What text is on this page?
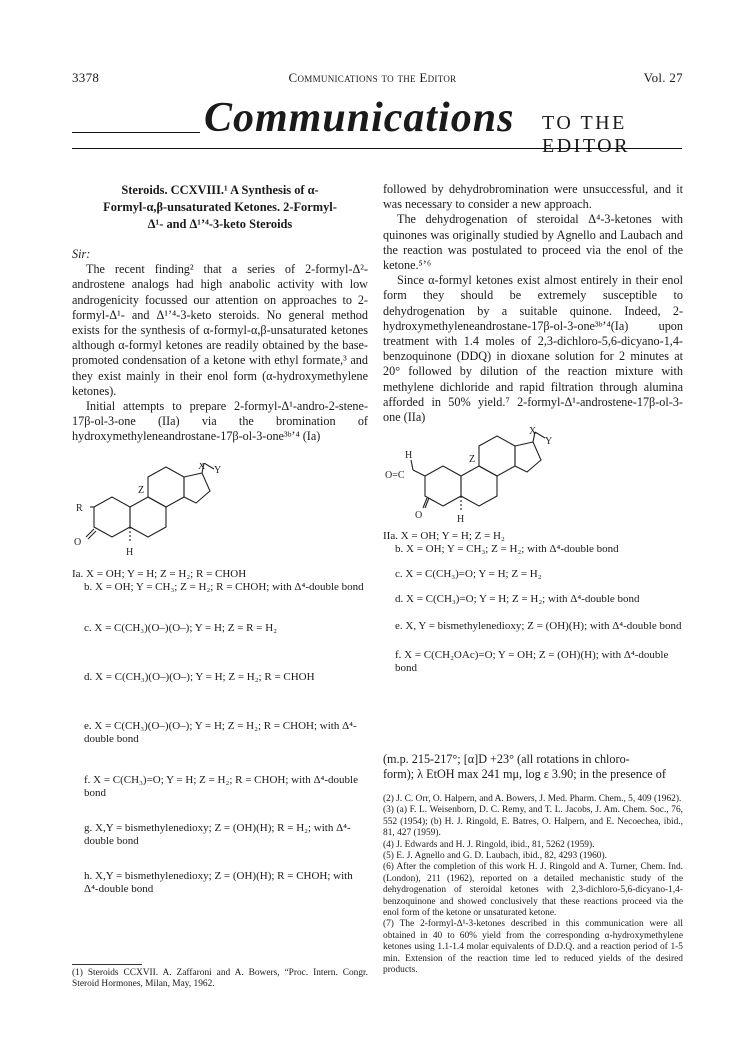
3378	Communications to the Editor	Vol. 27
Communications TO THE EDITOR
Steroids. CCXVIII.¹ A Synthesis of α-
Formyl-α,β-unsaturated Ketones. 2-Formyl-
Δ¹- and Δ¹ʼ⁴-3-keto Steroids

Sir:

The recent finding² that a series of 2-formyl-Δ²-androstene analogs had high anabolic activity with low androgenicity focussed our attention on approaches to 2-formyl-Δ¹- and Δ¹ʼ⁴-3-keto steroids. No general method exists for the synthesis of α-formyl-α,β-unsaturated ketones although α-formyl ketones are readily obtained by the base-promoted condensation of a ketone with ethyl formate,³ and they exist mainly in their enol form (α-hydroxymethylene ketones).

Initial attempts to prepare 2-formyl-Δ¹-andro-2-stene-17β-ol-3-one (IIa) via the bromination of hydroxymethyleneandrostane-17β-ol-3-one³ᵇʼ⁴ (Ia)

X Y
Z
R
O
H

Ia. X = OH; Y = H; Z = H₂; R = CHOH

b. X = OH; Y = CH₃; Z = H₂; R = CHOH; with Δ⁴-double bond

c. X = C(CH₃)(O–)(O–); Y = H; Z = R = H₂

d. X = C(CH₃)(O–)(O–); Y = H; Z = H₂; R = CHOH

e. X = C(CH₃)(O–)(O–); Y = H; Z = H₂; R = CHOH; with Δ⁴-double bond

f. X = C(CH₃)=O; Y = H; Z = H₂; R = CHOH; with Δ⁴-double bond

g. X,Y = bismethylenedioxy; Z = (OH)(H); R = H₂; with Δ⁴-double bond

h. X,Y = bismethylenedioxy; Z = (OH)(H); R = CHOH; with Δ⁴-double bond

(1) Steroids CCXVII. A. Zaffaroni and A. Bowers, “Proc. Intern. Congr. Steroid Hormones, Milan, May, 1962.

followed by dehydrobromination were unsuccessful, and it was necessary to consider a new approach.

The dehydrogenation of steroidal Δ⁴-3-ketones with quinones was originally studied by Agnello and Laubach and the reaction was postulated to proceed via the enol of the ketone.⁵ʼ⁶

Since α-formyl ketones exist almost entirely in their enol form they should be extremely susceptible to dehydrogenation by a suitable quinone. Indeed, 2-hydroxymethyleneandrostane-17β-ol-3-one³ᵇʼ⁴(Ia) upon treatment with 1.4 moles of 2,3-dichloro-5,6-dicyano-1,4-benzoquinone (DDQ) in dioxane solution for 2 minutes at 20° followed by dilution of the reaction mixture with methylene dichloride and rapid filtration through alumina afforded in 50% yield.⁷ 2-formyl-Δ¹-androstene-17β-ol-3-one (IIa)

X
Y
Z
H
O=C
O	H

IIa. X = OH; Y = H; Z = H₂

b. X = OH; Y = CH₃; Z = H₂; with Δ⁴-double bond

c. X = C(CH₃)=O; Y = H; Z = H₂

d. X = C(CH₃)=O; Y = H; Z = H₂; with Δ⁴-double bond

e. X, Y = bismethylenedioxy; Z = (OH)(H); with Δ⁴-double bond

f. X = C(CH₂OAc)=O; Y = OH; Z = (OH)(H); with Δ⁴-double bond

(m.p. 215-217°; [α]D +23° (all rotations in chloro-

form); λ EtOH max 241 mμ, log ε 3.90; in the presence of

(2) J. C. Orr, O. Halpern, and A. Bowers, J. Med. Pharm. Chem., 5, 409 (1962).

(3) (a) F. L. Weisenborn, D. C. Remy, and T. L. Jacobs, J. Am. Chem. Soc., 76, 552 (1954); (b) H. J. Ringold, E. Batres, O. Halpern, and E. Necoechea, ibid., 81, 427 (1959).

(4) J. Edwards and H. J. Ringold, ibid., 81, 5262 (1959).

(5) E. J. Agnello and G. D. Laubach, ibid., 82, 4293 (1960).

(6) After the completion of this work H. J. Ringold and A. Turner, Chem. Ind. (London), 211 (1962), reported on a detailed mechanistic study of the dehydrogenation of steroidal ketones with 2,3-dichloro-5,6-dicyano-1,4-benzoquinone and showed conclusively that these reactions proceed via the enol form of the ketone or unsaturated ketone.

(7) The 2-formyl-Δ¹-3-ketones described in this communication were all obtained in 40 to 60% yield from the corresponding α-hydroxymethylene ketones using 1.1-1.4 molar equivalents of D.D.Q. and a reaction period of 1-5 min. Extension of the reaction time led to reduced yields of the desired products.
